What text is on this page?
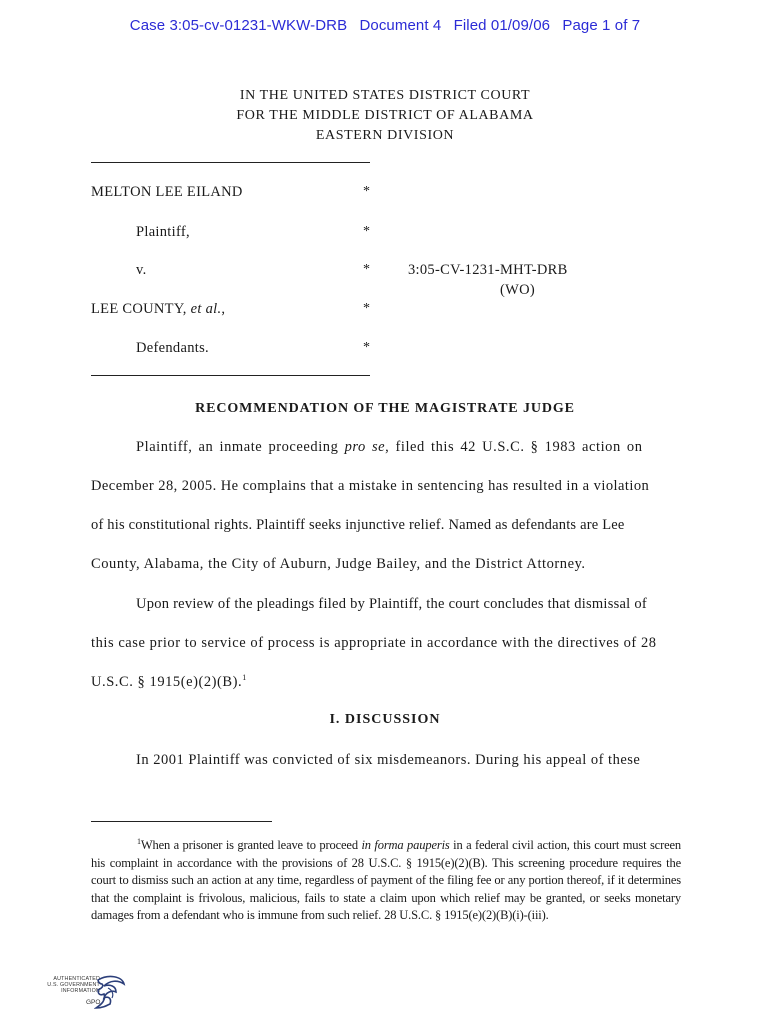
Case 3:05-cv-01231-WKW-DRB Document 4 Filed 01/09/06 Page 1 of 7
IN THE UNITED STATES DISTRICT COURT
FOR THE MIDDLE DISTRICT OF ALABAMA
EASTERN DIVISION
MELTON LEE EILAND
Plaintiff,
v.
LEE COUNTY, et al.,
Defendants.
*
*
*
*
*
3:05-CV-1231-MHT-DRB
(WO)
RECOMMENDATION OF THE MAGISTRATE JUDGE
Plaintiff, an inmate proceeding pro se, filed this 42 U.S.C. § 1983 action on
December 28, 2005. He complains that a mistake in sentencing has resulted in a violation
of his constitutional rights. Plaintiff seeks injunctive relief. Named as defendants are Lee
County, Alabama, the City of Auburn, Judge Bailey, and the District Attorney.
Upon review of the pleadings filed by Plaintiff, the court concludes that dismissal of
this case prior to service of process is appropriate in accordance with the directives of 28
U.S.C. § 1915(e)(2)(B).$^1$
I. DISCUSSION
In 2001 Plaintiff was convicted of six misdemeanors. During his appeal of these

$^1$When a prisoner is granted leave to proceed in forma pauperis in a federal civil action, this court must screen his complaint in accordance with the provisions of 28 U.S.C. § 1915(e)(2)(B). This screening procedure requires the court to dismiss such an action at any time, regardless of payment of the filing fee or any portion thereof, if it determines that the complaint is frivolous, malicious, fails to state a claim upon which relief may be granted, or seeks monetary damages from a defendant who is immune from such relief. 28 U.S.C. § 1915(e)(2)(B)(i)-(iii).

AUTHENTICATED
U.S. GOVERNMENT
INFORMATION
GPO
